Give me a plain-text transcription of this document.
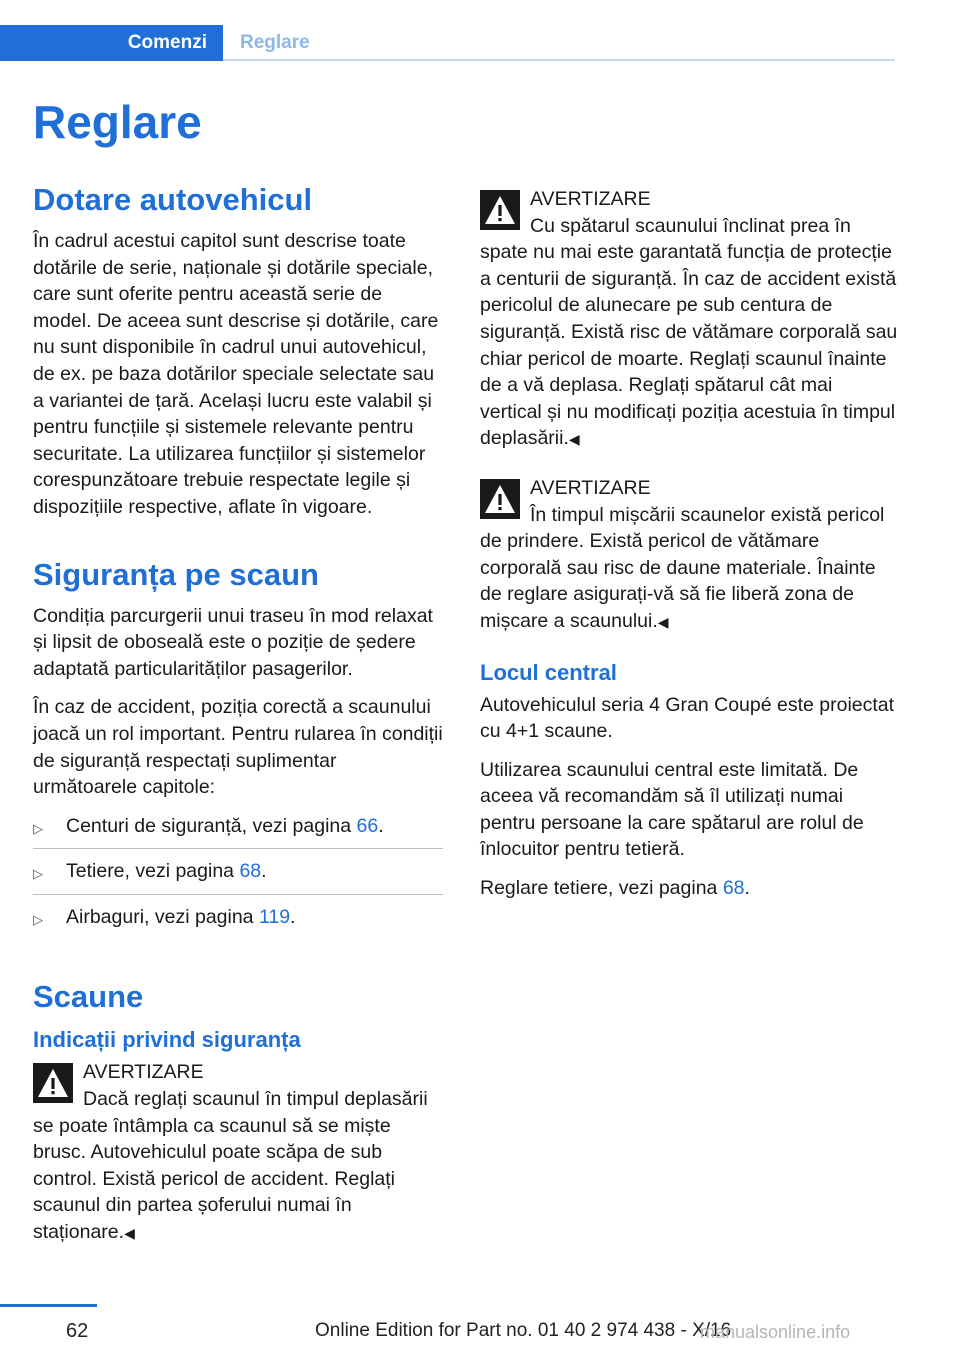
Comenzi	Reglare
Reglare
Dotare autovehicul

În cadrul acestui capitol sunt descrise toate dotările de serie, naționale și dotările speciale, care sunt oferite pentru această serie de model. De aceea sunt descrise și dotările, care nu sunt disponibile în cadrul unui autovehicul, de ex. pe baza dotărilor speciale selectate sau a variantei de țară. Același lucru este valabil și pentru funcțiile și sistemele relevante pentru securitate. La utilizarea funcțiilor și sistemelor corespunzătoare trebuie respectate legile și dispozițiile respective, aflate în vigoare.

Siguranța pe scaun

Condiția parcurgerii unui traseu în mod relaxat și lipsit de oboseală este o poziție de ședere adaptată particularităților pasagerilor.

În caz de accident, poziția corectă a scaunului joacă un rol important. Pentru rularea în condiții de siguranță respectați suplimentar următoarele capitole:

▷ Centuri de siguranță, vezi pagina 66.
▷ Tetiere, vezi pagina 68.
▷ Airbaguri, vezi pagina 119.
Scaune
Indicații privind siguranța
AVERTIZARE
Dacă reglați scaunul în timpul deplasării se poate întâmpla ca scaunul să se miște brusc. Autovehiculul poate scăpa de sub control. Există pericol de accident. Reglați scaunul din partea șoferului numai în staționare.◀
AVERTIZARE
Cu spătarul scaunului înclinat prea în spate nu mai este garantată funcția de protecție a centurii de siguranță. În caz de accident există pericolul de alunecare pe sub centura de siguranță. Există risc de vătămare corporală sau chiar pericol de moarte. Reglați scaunul înainte de a vă deplasa. Reglați spătarul cât mai vertical și nu modificați poziția acestuia în timpul deplasării.◀
AVERTIZARE
În timpul mișcării scaunelor există pericol de prindere. Există pericol de vătămare corporală sau risc de daune materiale. Înainte de reglare asigurați-vă să fie liberă zona de mișcare a scaunului.◀
Locul central

Autovehiculul seria 4 Gran Coupé este proiectat cu 4+1 scaune.

Utilizarea scaunului central este limitată. De aceea vă recomandăm să îl utilizați numai pentru persoane la care spătarul are rolul de înlocuitor pentru tetieră.

Reglare tetiere, vezi pagina 68.

62	Online Edition for Part no. 01 40 2 974 438 - X/16
manualsonline.info
